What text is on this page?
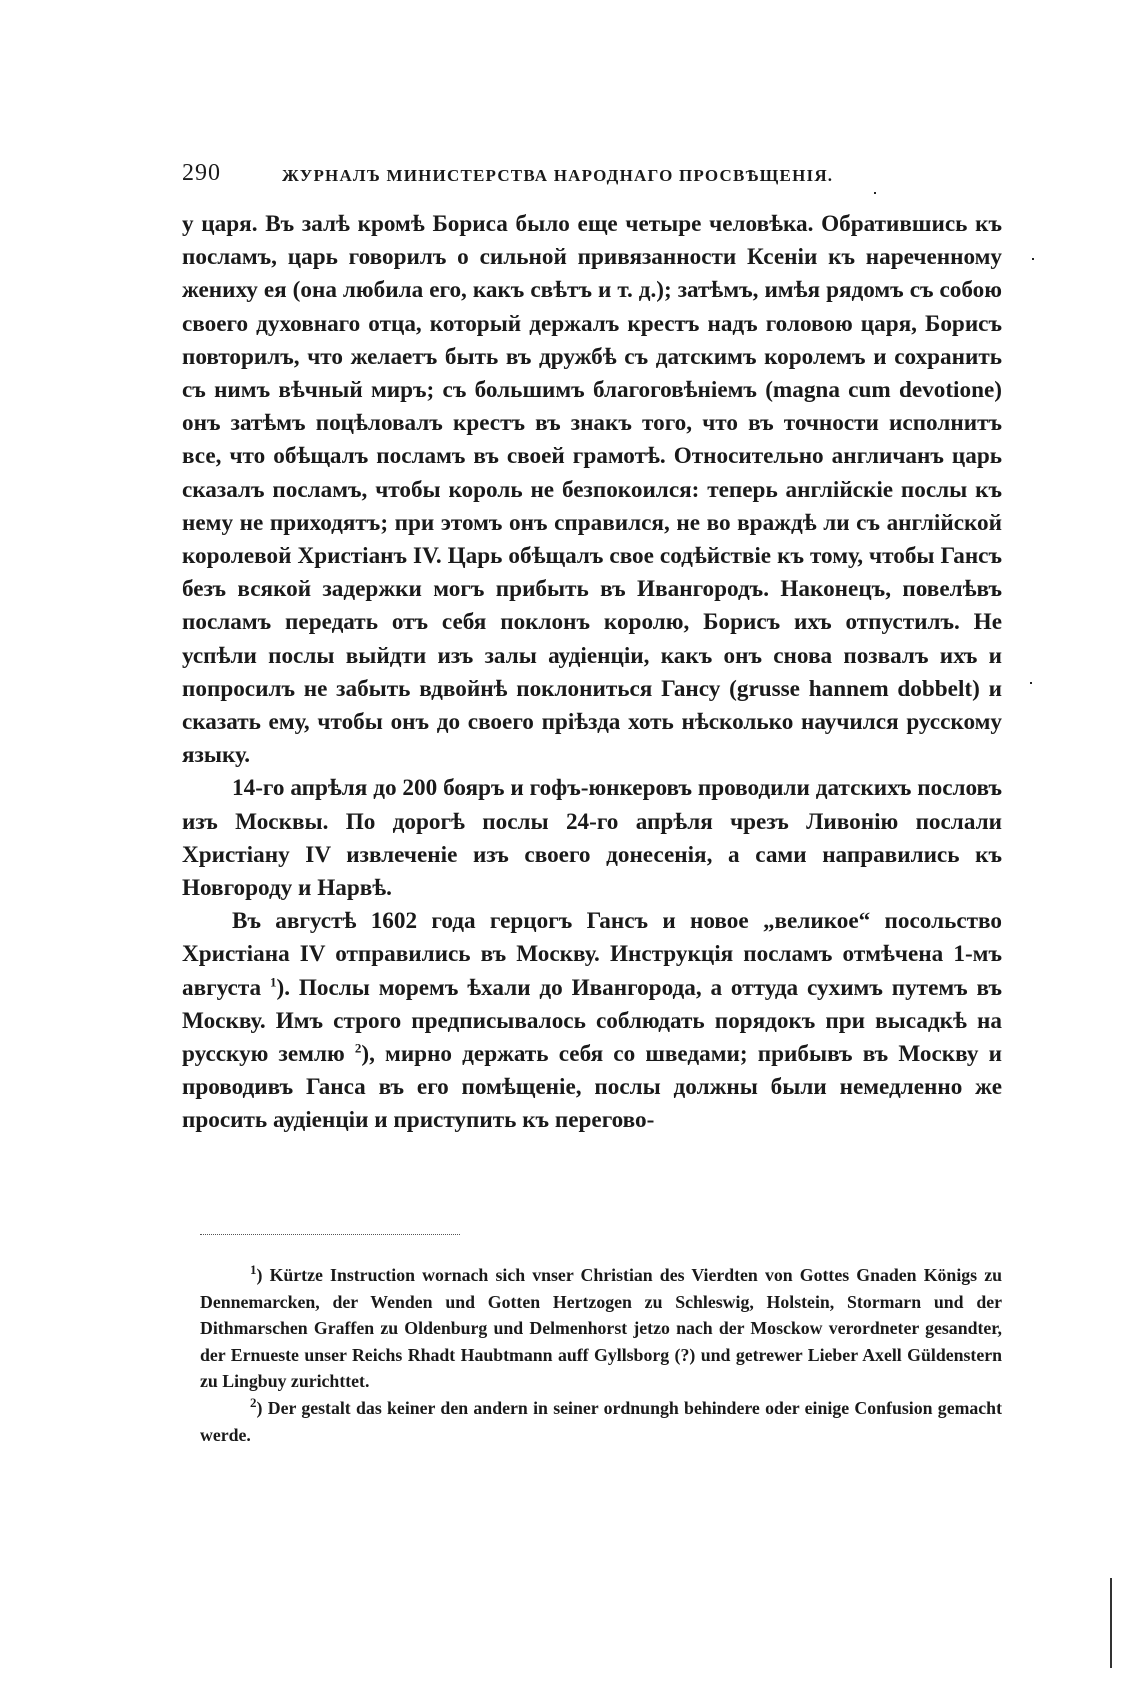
290	ЖУРНАЛЪ МИНИСТЕРСТВА НАРОДНАГО ПРОСВѢЩЕНІЯ.

у царя. Въ залѣ кромѣ Бориса было еще четыре человѣка. Обратившись къ посламъ, царь говорилъ о сильной привязанности Ксеніи къ нареченному жениху ея (она любила его, какъ свѣтъ и т. д.); затѣмъ, имѣя рядомъ съ собою своего духовнаго отца, который держалъ крестъ надъ головою царя, Борисъ повторилъ, что желаетъ быть въ дружбѣ съ датскимъ королемъ и сохранить съ нимъ вѣчный миръ; съ большимъ благоговѣніемъ (magna cum devotione) онъ затѣмъ поцѣловалъ крестъ въ знакъ того, что въ точности исполнитъ все, что обѣщалъ посламъ въ своей грамотѣ. Относительно англичанъ царь сказалъ посламъ, чтобы король не безпокоился: теперь англійскіе послы къ нему не приходятъ; при этомъ онъ справился, не во враждѣ ли съ англійской королевой Христіанъ IV. Царь обѣщалъ свое содѣйствіе къ тому, чтобы Гансъ безъ всякой задержки могъ прибыть въ Ивангородъ. Наконецъ, повелѣвъ посламъ передать отъ себя поклонъ королю, Борисъ ихъ отпустилъ. Не успѣли послы выйдти изъ залы аудіенціи, какъ онъ снова позвалъ ихъ и попросилъ не забыть вдвойнѣ поклониться Гансу (grusse hannem dobbelt) и сказать ему, чтобы онъ до своего пріѣзда хоть нѣсколько научился русскому языку.

14-го апрѣля до 200 бояръ и гофъ-юнкеровъ проводили датскихъ пословъ изъ Москвы. По дорогѣ послы 24-го апрѣля чрезъ Ливонію послали Христіану IV извлеченіе изъ своего донесенія, а сами направились къ Новгороду и Нарвѣ.

Въ августѣ 1602 года герцогъ Гансъ и новое „великое“ посольство Христіана IV отправились въ Москву. Инструкція посламъ отмѣчена 1-мъ августа $^1$). Послы моремъ ѣхали до Ивангорода, а оттуда сухимъ путемъ въ Москву. Имъ строго предписывалось соблюдать порядокъ при высадкѣ на русскую землю $^2$), мирно держать себя со шведами; прибывъ въ Москву и проводивъ Ганса въ его помѣщеніе, послы должны были немедленно же просить аудіенціи и приступить къ перегово-

$^1$) Kürtze Instruction wornach sich vnser Christian des Vierdten von Gottes Gnaden Königs zu Dennemarcken, der Wenden und Gotten Hertzogen zu Schleswig, Holstein, Stormarn und der Dithmarschen Graffen zu Oldenburg und Delmenhorst jetzo nach der Mosckow verordneter gesandter, der Ernueste unser Reichs Rhadt Haubtmann auff Gyllsborg (?) und getrewer Lieber Axell Güldenstern zu Lingbuy zurichttet.

$^2$) Der gestalt das keiner den andern in seiner ordnungh behindere oder einige Confusion gemacht werde.
